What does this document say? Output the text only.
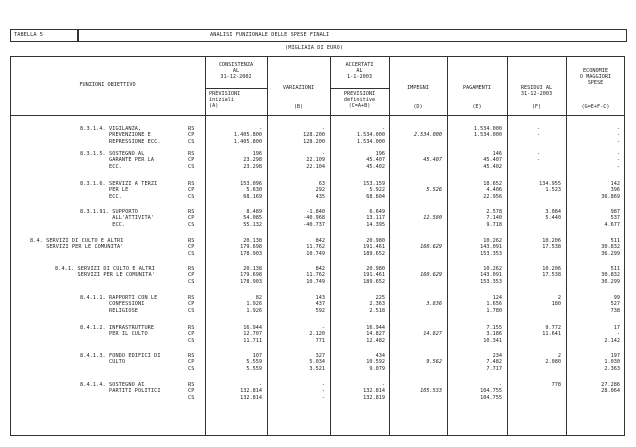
TABELLA 5	ANALISI FUNZIONALE DELLE SPESE FINALI
(MIGLIAIA DI EURO)
FUNZIONI OBIETTIVO
CONSISTENZA
AL
31-12-2002
PREVISIONI
iniziali
(A)
VARIAZIONI
(B)
ACCERTATI
AL
1-1-2003
PREVISIONI
definitive
(C=A+B)
IMPEGNI
(D)
PAGAMENTI
(E)
RESIDUI AL
31-12-2003
(F)
ECONOMIE
O MAGGIORI
SPESE
(G=E+F-C)
8.3.1.4. VIGILANZA,
PREVENZIONE E
REPRESSIONE ECC.
RS
CP
CS
-
1.405.800
1.405.800
-
128.200
128.200
-
1.534.000
1.534.000
2.534.000
1.534.000
1.534.000
-
-
-
-
-
8.3.1.5. SOSTEGNO AL
GARANTE PER LA
ECC.
RS
CP
CS
196
23.298
23.298
-
22.109
22.104
196
45.407
45.402
45.407
146
45.407
45.402
-
-
-
-
-
8.3.1.6. SERVIZI A TERZI
PER LE
ECC.
RS
CP
CS
153.096
5.630
68.169
63
292
435
153.159
5.922
68.604
5.526
18.652
4.406
22.956
134.955
1.523
142
396
36.869
8.3.1.91. SUPPORTO
ALL'ATTIVITA'
ECC.
RS
CP
CS
8.489
54.085
55.132
-1.840
-40.968
-40.737
6.649
13.117
14.395
12.580
2.578
7.140
9.718
3.084
5.440
987
537
4.677
8.4. SERVIZI DI CULTO E ALTRI
SERVIZI PER LE COMUNITA'
RS
CP
CS
20.138
179.698
178.903
842
11.762
10.749
20.980
191.461
189.652
160.629
10.262
143.091
153.353
10.206
17.538
511
30.832
36.299
8.4.1. SERVIZI DI CULTO E ALTRI
SERVIZI PER LE COMUNITA'
RS
CP
CS
20.138
179.698
178.903
842
11.762
10.749
20.980
191.461
189.652
160.629
10.262
143.091
153.353
10.206
17.538
511
30.832
36.299
8.4.1.1. RAPPORTI CON LE
CONFESSIONI
RELIGIOSE
RS
CP
CS
82
1.926
1.926
143
437
592
225
2.363
2.518
3.836
124
1.656
1.780
2
180
99
527
738
8.4.1.2. INFRASTRUTTURE
PER IL CULTO
RS
CP
CS
16.944
12.707
11.711
-
2.120
771
16.944
14.827
12.482
14.827
7.155
3.186
10.341
9.772
11.641
17
-
2.142
8.4.1.3. FONDO EDIFICI DI
CULTO
RS
CP
CS
107
5.559
5.559
327
5.034
3.521
434
10.592
9.079
9.562
234
7.482
7.717
2
2.080
197
1.030
2.363
8.4.1.4. SOSTEGNO AI
PARTITI POLITICI
RS
CP
CS
-
132.814
132.814
-
-
-
-
132.814
132.819
105.533
-
104.755
104.755
778	27.286
28.064
